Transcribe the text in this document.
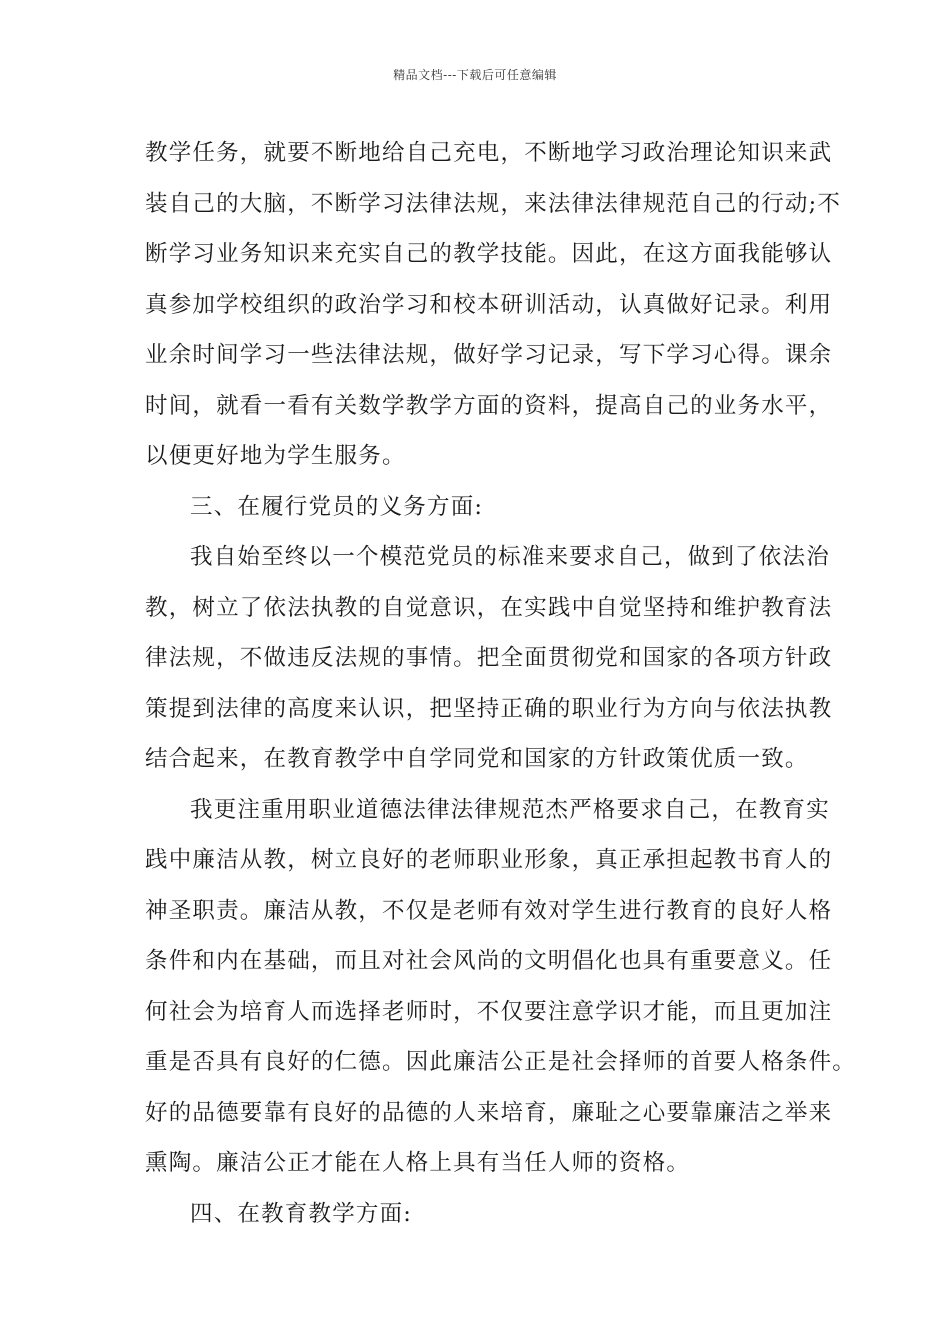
精品文档---下载后可任意编辑
教学任务，就要不断地给自己充电，不断地学习政治理论知识来武
装自己的大脑，不断学习法律法规，来法律法律规范自己的行动;不
断学习业务知识来充实自己的教学技能。因此，在这方面我能够认
真参加学校组织的政治学习和校本研训活动，认真做好记录。利用
业余时间学习一些法律法规，做好学习记录，写下学习心得。课余
时间，就看一看有关数学教学方面的资料，提高自己的业务水平，
以便更好地为学生服务。
三、在履行党员的义务方面:
我自始至终以一个模范党员的标准来要求自己，做到了依法治
教，树立了依法执教的自觉意识，在实践中自觉坚持和维护教育法
律法规，不做违反法规的事情。把全面贯彻党和国家的各项方针政
策提到法律的高度来认识，把坚持正确的职业行为方向与依法执教
结合起来，在教育教学中自学同党和国家的方针政策优质一致。
我更注重用职业道德法律法律规范杰严格要求自己，在教育实
践中廉洁从教，树立良好的老师职业形象，真正承担起教书育人的
神圣职责。廉洁从教，不仅是老师有效对学生进行教育的良好人格
条件和内在基础，而且对社会风尚的文明倡化也具有重要意义。任
何社会为培育人而选择老师时，不仅要注意学识才能，而且更加注
重是否具有良好的仁德。因此廉洁公正是社会择师的首要人格条件。
好的品德要靠有良好的品德的人来培育，廉耻之心要靠廉洁之举来
熏陶。廉洁公正才能在人格上具有当任人师的资格。
四、在教育教学方面:
